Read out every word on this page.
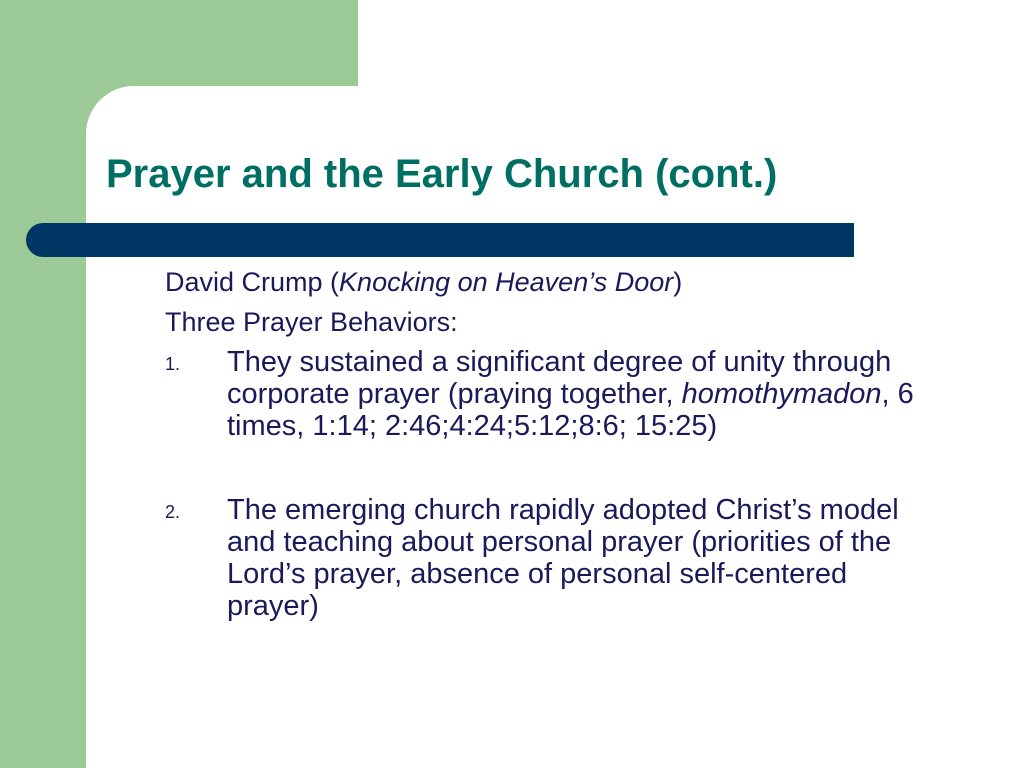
Prayer and the Early Church (cont.)

David Crump (Knocking on Heaven’s Door)

Three Prayer Behaviors:

1.	They sustained a significant degree of unity through corporate prayer (praying together, homothymadon, 6 times, 1:14; 2:46;4:24;5:12;8:6; 15:25)
2.	The emerging church rapidly adopted Christ’s model and teaching about personal prayer (priorities of the Lord’s prayer, absence of personal self-centered prayer)
